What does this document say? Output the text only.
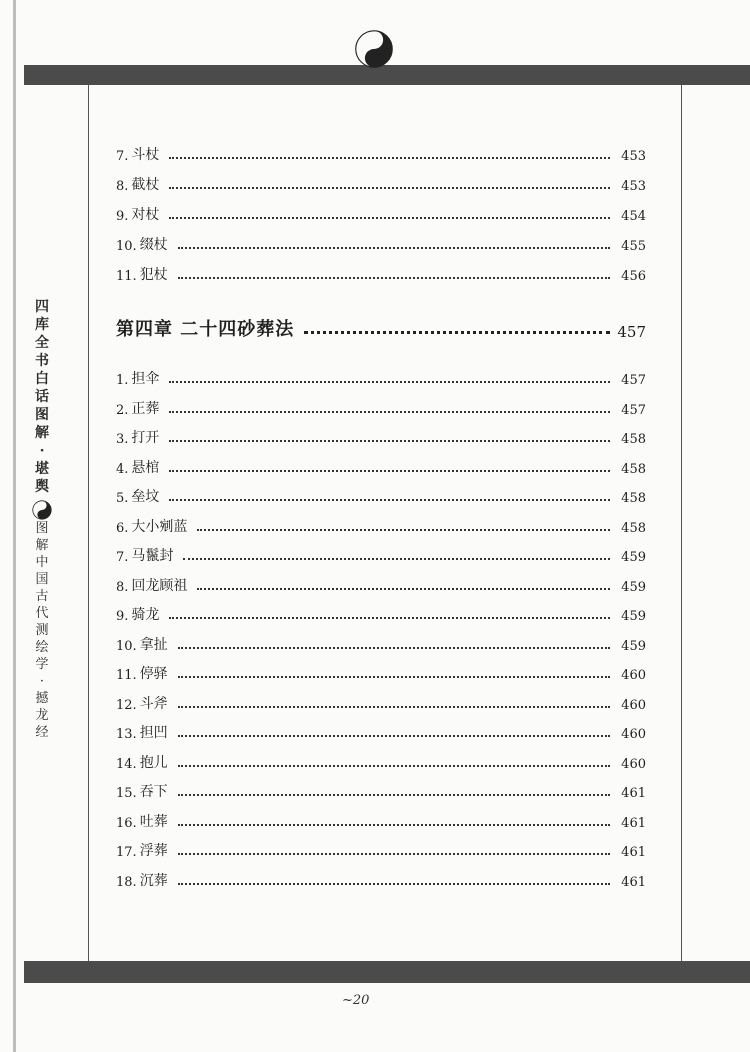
四
库
全
书
白
话
图
解
·
堪
舆
图
解
中
国
古
代
测
绘
学
·
撼
龙
经
7. 斗杖	453
8. 截杖	453
9. 对杖	454
10. 缀杖	455
11. 犯杖	456
第四章 二十四砂葬法	457
1. 担伞	457
2. 正葬	457
3. 打开	458
4. 悬棺	458
5. 垒坟	458
6. 大小剜蓝	458
7. 马鬣封	459
8. 回龙顾祖	459
9. 骑龙	459
10. 拿扯	459
11. 停驿	460
12. 斗斧	460
13. 担凹	460
14. 抱儿	460
15. 吞下	461
16. 吐葬	461
17. 浮葬	461
18. 沉葬	461
~20
